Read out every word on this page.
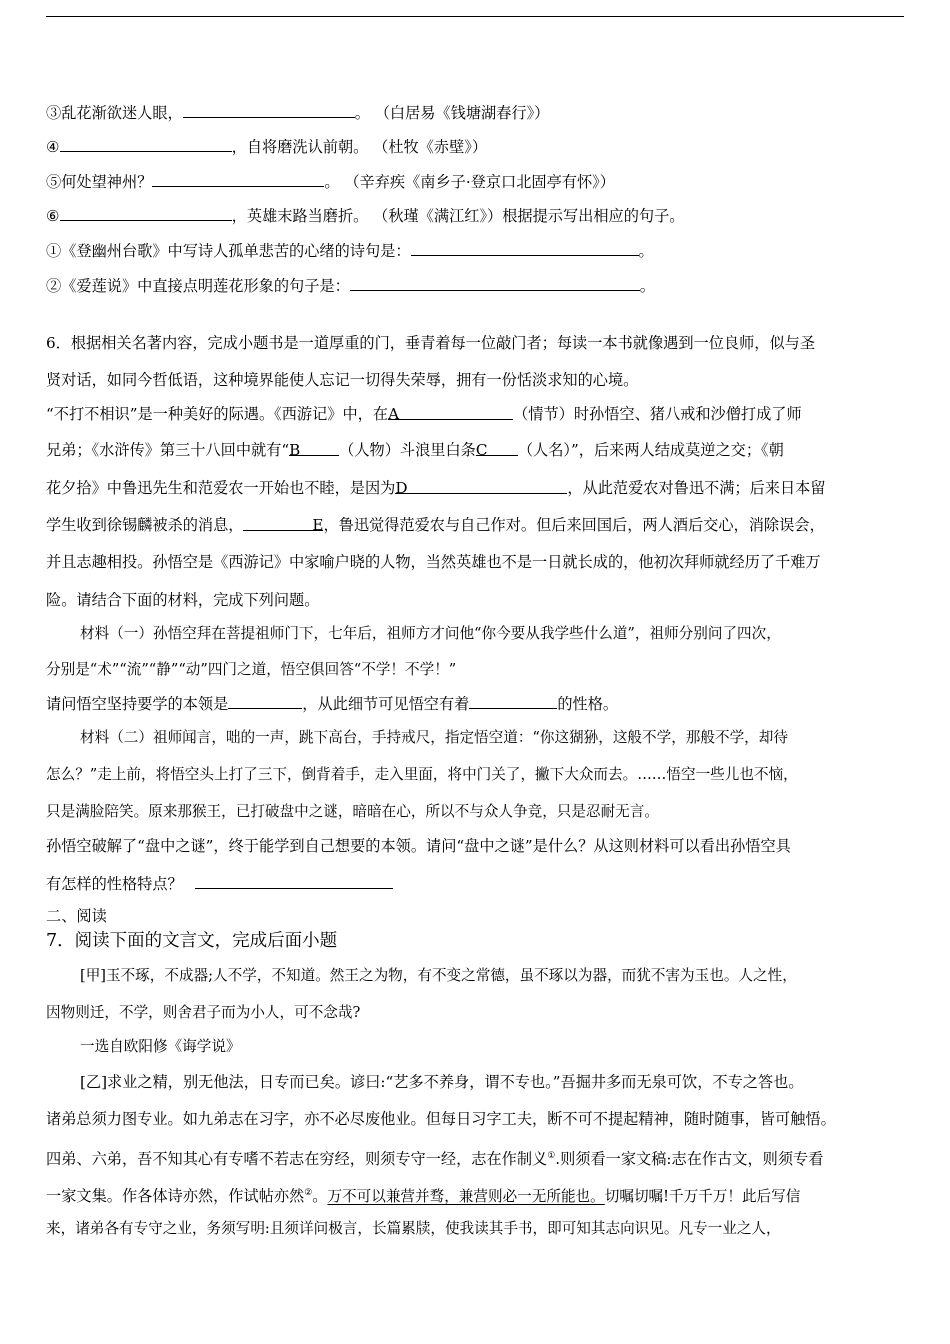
③乱花渐欲迷人眼，	。 （白居易《钱塘湖春行》）
④	，自将磨洗认前朝。 （杜牧《赤壁》）
⑤何处望神州？	。 （辛弃疾《南乡子·登京口北固亭有怀》）
⑥	，英雄末路当磨折。 （秋瑾《满江红》）根据提示写出相应的句子。
①《登幽州台歌》中写诗人孤单悲苦的心绪的诗句是：	。
②《爱莲说》中直接点明莲花形象的句子是：	。
6．根据相关名著内容，完成小题书是一道厚重的门，垂青着每一位敲门者；每读一本书就像遇到一位良师，似与圣
贤对话，如同今哲低语，这种境界能使人忘记一切得失荣辱，拥有一份恬淡求知的心境。
“不打不相识”是一种美好的际遇。《西游记》中，在A	（情节）时孙悟空、猪八戒和沙僧打成了师
兄弟；《水浒传》第三十八回中就有“B	（人物）斗浪里白条C （人名）”，后来两人结成莫逆之交；《朝
花夕拾》中鲁迅先生和范爱农一开始也不睦，是因为D	，从此范爱农对鲁迅不满；后来日本留
学生收到徐锡麟被杀的消息，	E，鲁迅觉得范爱农与自己作对。但后来回国后，两人酒后交心，消除误会，
并且志趣相投。孙悟空是《西游记》中家喻户晓的人物，当然英雄也不是一日就长成的，他初次拜师就经历了千难万
险。请结合下面的材料，完成下列问题。
材料（一）孙悟空拜在菩提祖师门下，七年后，祖师方才问他“你今要从我学些什么道”，祖师分别问了四次，
分别是“术”“流”“静”“动”四门之道，悟空俱回答“不学！不学！”
请问悟空坚持要学的本领是	，从此细节可见悟空有着	的性格。
材料（二）祖师闻言，咄的一声，跳下高台，手持戒尺，指定悟空道：“你这猢狲，这般不学，那般不学，却待
怎么？”走上前，将悟空头上打了三下，倒背着手，走入里面，将中门关了，撇下大众而去。……悟空一些儿也不恼，
只是满脸陪笑。原来那猴王，已打破盘中之谜，暗暗在心，所以不与众人争竞，只是忍耐无言。
孙悟空破解了“盘中之谜”，终于能学到自己想要的本领。请问“盘中之谜”是什么？从这则材料可以看出孙悟空具
有怎样的性格特点？
二、阅读
7．阅读下面的文言文，完成后面小题
[甲]玉不琢，不成器;人不学，不知道。然王之为物，有不变之常德，虽不琢以为器，而犹不害为玉也。人之性，
因物则迁，不学，则舍君子而为小人，可不念哉?
一选自欧阳修《诲学说》
[乙]求业之精，别无他法，日专而已矣。谚曰:“艺多不养身，谓不专也。”吾掘井多而无泉可饮，不专之答也。
诸弟总须力图专业。如九弟志在习字，亦不必尽废他业。但每日习字工夫，断不可不提起精神，随时随事，皆可触悟。
四弟、六弟，吾不知其心有专嗜不若志在穷经，则须专守一经，志在作制义①.则须看一家文稿:志在作古文，则须专看
一家文集。作各体诗亦然，作试帖亦然②。万不可以兼营并骛，兼营则必一无所能也。切嘱切嘱!千万千万！此后写信
来，诸弟各有专守之业，务须写明:且须详问极言，长篇累牍，使我读其手书，即可知其志向识见。凡专一业之人，
